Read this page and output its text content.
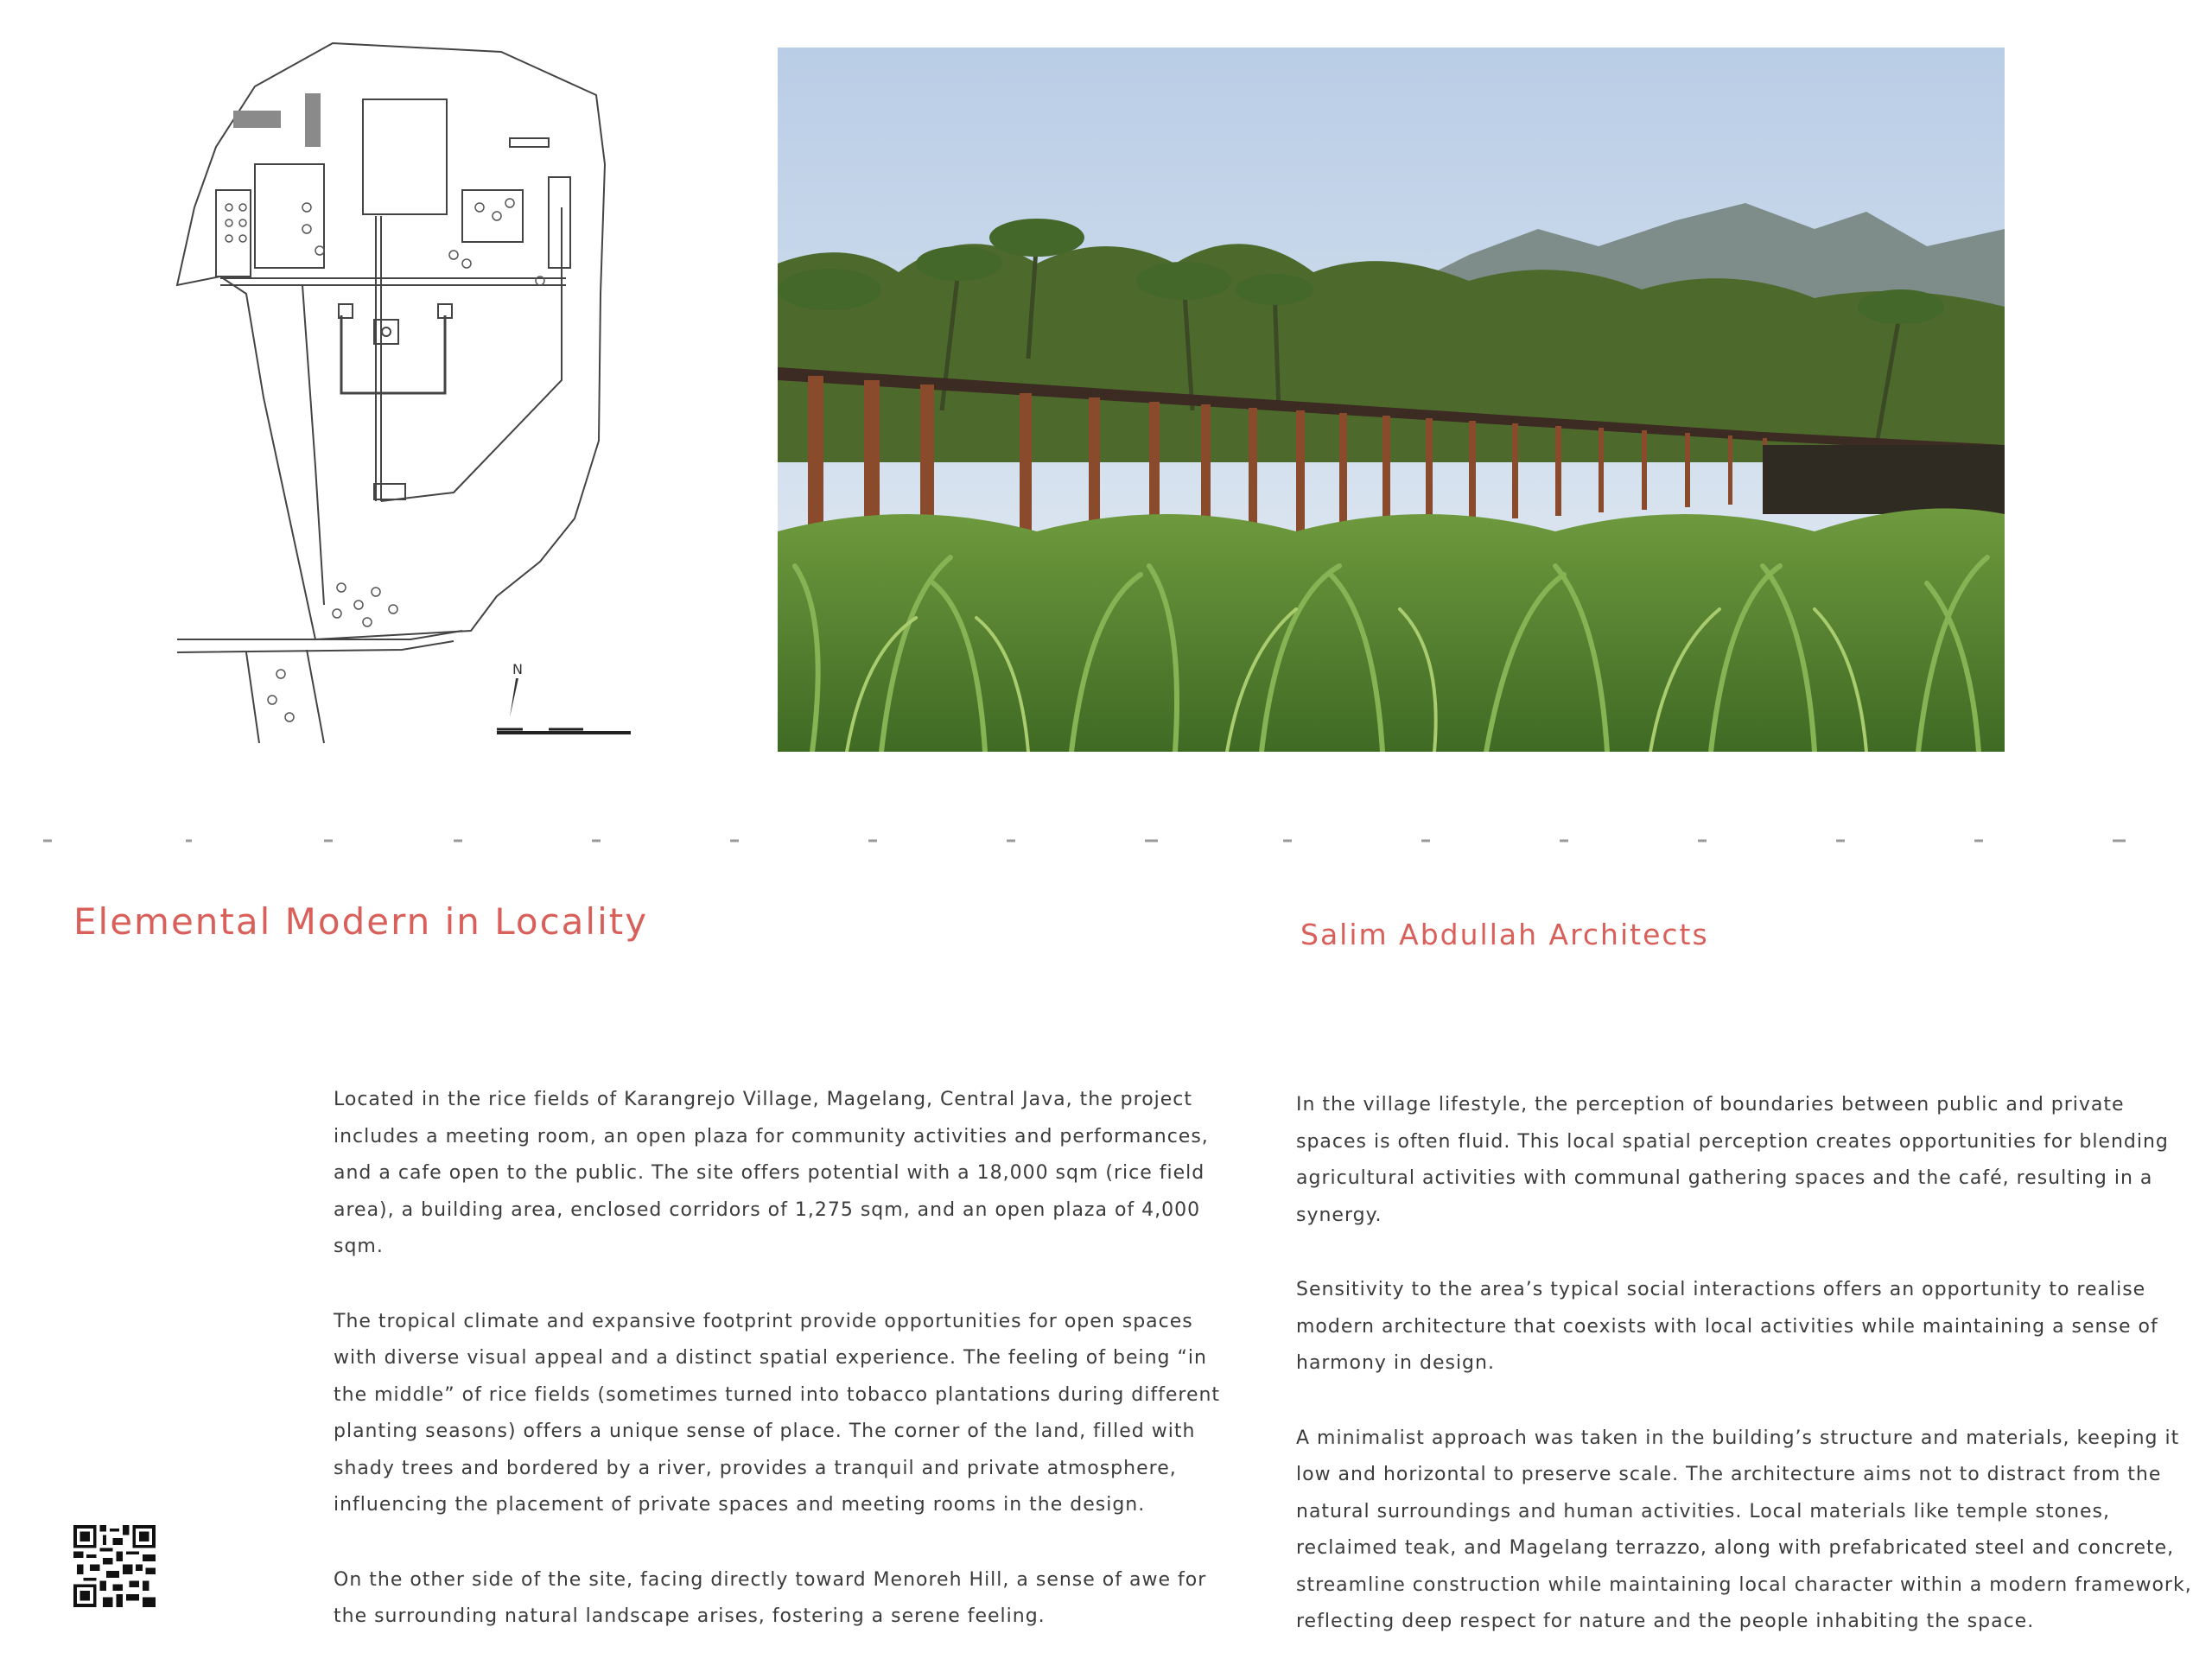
N
Elemental Modern in Locality	Salim Abdullah Architects

Located in the rice fields of Karangrejo Village, Magelang, Central Java, the project includes a meeting room, an open plaza for community activities and performances, and a cafe open to the public. The site offers potential with a 18,000 sqm (rice field area), a building area, enclosed corridors of 1,275 sqm, and an open plaza of 4,000 sqm.

The tropical climate and expansive footprint provide opportunities for open spaces with diverse visual appeal and a distinct spatial experience. The feeling of being “in the middle” of rice fields (sometimes turned into tobacco plantations during different planting seasons) offers a unique sense of place. The corner of the land, filled with shady trees and bordered by a river, provides a tranquil and private atmosphere, influencing the placement of private spaces and meeting rooms in the design.

On the other side of the site, facing directly toward Menoreh Hill, a sense of awe for the surrounding natural landscape arises, fostering a serene feeling.

In the village lifestyle, the perception of boundaries between public and private spaces is often fluid. This local spatial perception creates opportunities for blending agricultural activities with communal gathering spaces and the café, resulting in a synergy.

Sensitivity to the area’s typical social interactions offers an opportunity to realise modern architecture that coexists with local activities while maintaining a sense of harmony in design.

A minimalist approach was taken in the building’s structure and materials, keeping it low and horizontal to preserve scale. The architecture aims not to distract from the natural surroundings and human activities. Local materials like temple stones, reclaimed teak, and Magelang terrazzo, along with prefabricated steel and concrete, streamline construction while maintaining local character within a modern framework, reflecting deep respect for nature and the people inhabiting the space.
